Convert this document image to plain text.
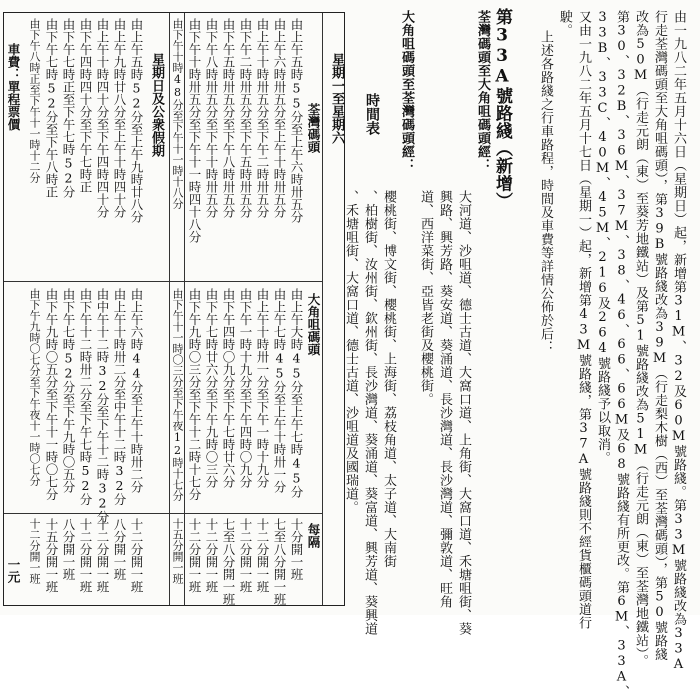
由一九八二年五月十六日（星期日）起，新增第31M、32及60M號路綫。第33M號路綫改為33A
行走荃灣碼頭至大角咀碼頭），第39B號路綫改為39M（行走梨木樹（西）至荃灣碼頭），第50號路綫
改為50M（行走元朗（東）至葵芳地鐵站）及第51號路綫改為51M（行走元朗（東）至荃灣地鐵站）。
第30、32B、36M、37M、38、46、66、66M及68號路綫有所更改。第6M、33A、
33B、33C、40M、45M、216及264號路綫予以取消。
又由一九八二年五月十七日（星期一）起，新增第43M號路綫，第37A號路綫則不經貨櫃碼頭道行
駛。
上述各路綫之行車路程，時間及車費等詳情公佈於后：
第33A號路綫（新增）
荃灣碼頭至大角咀碼頭經：
大河道、沙咀道、德士古道、大窩口道、上角街、大窩口道、禾塘咀街、葵
興路、興芳路、葵安道、葵涌道、長沙灣道、長沙灣道、彌敦道、旺角
道、西洋菜街、亞皆老街及櫻桃街。
大角咀碼頭至荃灣碼頭經：
櫻桃街、博文街、櫻桃街、上海街、荔枝角道、太子道、大南街
、柏樹街、汝州街、欽州街、長沙灣道、葵涌道、葵富道、興芳道、葵興道
、禾塘咀街、大窩口道、德士古道、沙咀道及國瑞道。
星期一至星期六
荃灣碼頭
大角咀碼頭
每隔
時間表
由上午五時55分至上午六時卅五分
由上午大時45分至上午七時45分
十分開一班
由上午六時卅五分至上午十時卅五分
由上午七時45分至上午十時卅一分
七至八分開一班
由上午十時卅五分至下午二時卅五分
由上午十時卅一分至下午一時十九分
十二分開一班
由下午二時卅五分至下午五時卅五分
由下午一時十九分至下午四時〇九分
十二分開一班
由下午五時卅五分至下午八時卅五分
由下午四時〇九分至下午七時廿六分
七至八分開一班
由下午八時卅五分至下午十時卅五分
由下午七時廿六分至下午九時〇三分
十二分開一班
由下午十時卅五分至下午十一時四十八分
由下午九時〇三分至下午十二時十七分
十二分開一班
由下午十時48分至下午十一時十八分
由下午十一時〇三分至下午夜12時十七分
十五分開一班
星期日及公衆假期
由上午五時52分至上午九時廿八分
由上午六時44分至上午十時卅二分
十二分開一班
由上午九時廿八分至上午十時四十分
由上午十時卅二分至中午十二時32分
八分開一班
由上午十時四十分至下午四時四十分
由中午十二時32分至下午十二時32分
十二分開一班
由下午四時四十分至下午七時正
由下午十二時卅二分至下午七時52分
十二分開一班
由下午七時正至下午七時52分
由下午七時52分至下午九時〇五分
八分開一班
由下午七時52分至下午八時正
由下午九時〇五分至下午十一時〇七分
十五分開一班
由下午八時正至下午十一時十二分
由下午九時〇七分至下午夜十一時〇七分
十二分開一班
車費：單程票價
一元
